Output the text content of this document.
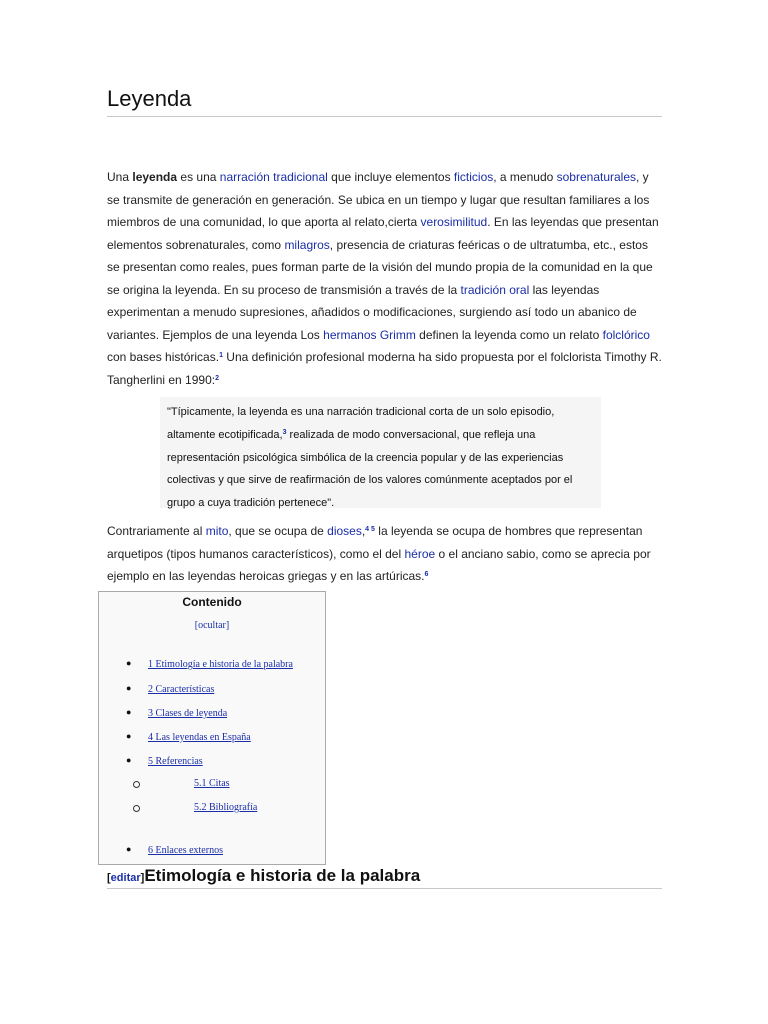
Leyenda

Una leyenda es una narración tradicional que incluye elementos ficticios, a menudo sobrenaturales, y se transmite de generación en generación. Se ubica en un tiempo y lugar que resultan familiares a los miembros de una comunidad, lo que aporta al relato,cierta verosimilitud. En las leyendas que presentan elementos sobrenaturales, como milagros, presencia de criaturas feéricas o de ultratumba, etc., estos se presentan como reales, pues forman parte de la visión del mundo propia de la comunidad en la que se origina la leyenda. En su proceso de transmisión a través de la tradición oral las leyendas experimentan a menudo supresiones, añadidos o modificaciones, surgiendo así todo un abanico de variantes. Ejemplos de una leyenda Los hermanos Grimm definen la leyenda como un relato folclórico con bases históricas.$^1$ Una definición profesional moderna ha sido propuesta por el folclorista Timothy R. Tangherlini en 1990:$^2$

"Típicamente, la leyenda es una narración tradicional corta de un solo episodio, altamente ecotipificada,$^3$ realizada de modo conversacional, que refleja una representación psicológica simbólica de la creencia popular y de las experiencias colectivas y que sirve de reafirmación de los valores comúnmente aceptados por el grupo a cuya tradición pertenece".

Contrariamente al mito, que se ocupa de dioses,$^{4 5}$ la leyenda se ocupa de hombres que representan arquetipos (tipos humanos característicos), como el del héroe o el anciano sabio, como se aprecia por ejemplo en las leyendas heroicas griegas y en las artúricas.$^6$

Contenido
[ocultar]
● 1 Etimología e historia de la palabra
● 2 Características
● 3 Clases de leyenda
● 4 Las leyendas en España
● 5 Referencias
5.1 Citas
5.2 Bibliografía
● 6 Enlaces externos
[editar]Etimología e historia de la palabra
